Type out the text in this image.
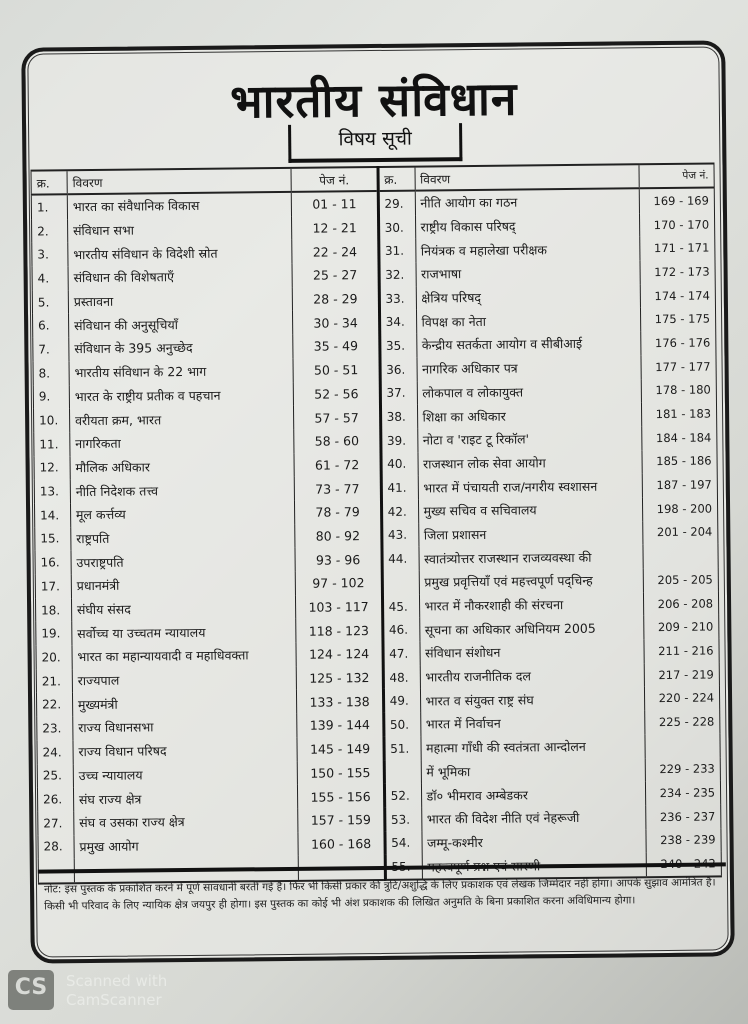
भारतीय संविधान
विषय सूची
क्र.	विवरण	पेज नं.	क्र.	विवरण	पेज नं.
1.	भारत का संवैधानिक विकास	01 - 11	29.	नीति आयोग का गठन	169 - 169
2.	संविधान सभा	12 - 21	30.	राष्ट्रीय विकास परिषद्	170 - 170
3.	भारतीय संविधान के विदेशी स्रोत	22 - 24	31.	नियंत्रक व महालेखा परीक्षक	171 - 171
4.	संविधान की विशेषताएँ	25 - 27	32.	राजभाषा	172 - 173
5.	प्रस्तावना	28 - 29	33.	क्षेत्रिय परिषद्	174 - 174
6.	संविधान की अनुसूचियाँ	30 - 34	34.	विपक्ष का नेता	175 - 175
7.	संविधान के 395 अनुच्छेद	35 - 49	35.	केन्द्रीय सतर्कता आयोग व सीबीआई	176 - 176
8.	भारतीय संविधान के 22 भाग	50 - 51	36.	नागरिक अधिकार पत्र	177 - 177
9.	भारत के राष्ट्रीय प्रतीक व पहचान	52 - 56	37.	लोकपाल व लोकायुक्त	178 - 180
10.	वरीयता क्रम, भारत	57 - 57	38.	शिक्षा का अधिकार	181 - 183
11.	नागरिकता	58 - 60	39.	नोटा व 'राइट टू रिकॉल'	184 - 184
12.	मौलिक अधिकार	61 - 72	40.	राजस्थान लोक सेवा आयोग	185 - 186
13.	नीति निदेशक तत्त्व	73 - 77	41.	भारत में पंचायती राज/नगरीय स्वशासन	187 - 197
14.	मूल कर्त्तव्य	78 - 79	42.	मुख्य सचिव व सचिवालय	198 - 200
15.	राष्ट्रपति	80 - 92	43.	जिला प्रशासन	201 - 204
16.	उपराष्ट्रपति	93 - 96	44.	स्वातंत्र्योत्तर राजस्थान राजव्यवस्था की	
17.	प्रधानमंत्री	97 - 102		प्रमुख प्रवृत्तियाँ एवं महत्त्वपूर्ण पद्चिन्ह	205 - 205
18.	संघीय संसद	103 - 117	45.	भारत में नौकरशाही की संरचना	206 - 208
19.	सर्वोच्च या उच्चतम न्यायालय	118 - 123	46.	सूचना का अधिकार अधिनियम 2005	209 - 210
20.	भारत का महान्यायवादी व महाधिवक्ता	124 - 124	47.	संविधान संशोधन	211 - 216
21.	राज्यपाल	125 - 132	48.	भारतीय राजनीतिक दल	217 - 219
22.	मुख्यमंत्री	133 - 138	49.	भारत व संयुक्त राष्ट्र संघ	220 - 224
23.	राज्य विधानसभा	139 - 144	50.	भारत में निर्वाचन	225 - 228
24.	राज्य विधान परिषद	145 - 149	51.	महात्मा गाँधी की स्वतंत्रता आन्दोलन	
25.	उच्च न्यायालय	150 - 155		में भूमिका	229 - 233
26.	संघ राज्य क्षेत्र	155 - 156	52.	डॉ० भीमराव अम्बेडकर	234 - 235
27.	संघ व उसका राज्य क्षेत्र	157 - 159	53.	भारत की विदेश नीति एवं नेहरूजी	236 - 237
28.	प्रमुख आयोग	160 - 168	54.	जम्मू-कश्मीर	238 - 239
			55.	महत्त्वपूर्ण प्रश्न एवं सारणी	240 - 242
नोट: इस पुस्तक के प्रकाशित करने में पूर्ण सावधानी बरती गई है। फिर भी किसी प्रकार की त्रुटि/अशुद्धि के लिए प्रकाशक एवं लेखक जिम्मेदार नहीं होगा। आपके सुझाव आमंत्रित है। किसी भी परिवाद के लिए न्यायिक क्षेत्र जयपुर ही होगा। इस पुस्तक का कोई भी अंश प्रकाशक की लिखित अनुमति के बिना प्रकाशित करना अविधिमान्य होगा।
CS	Scanned with
CamScanner
